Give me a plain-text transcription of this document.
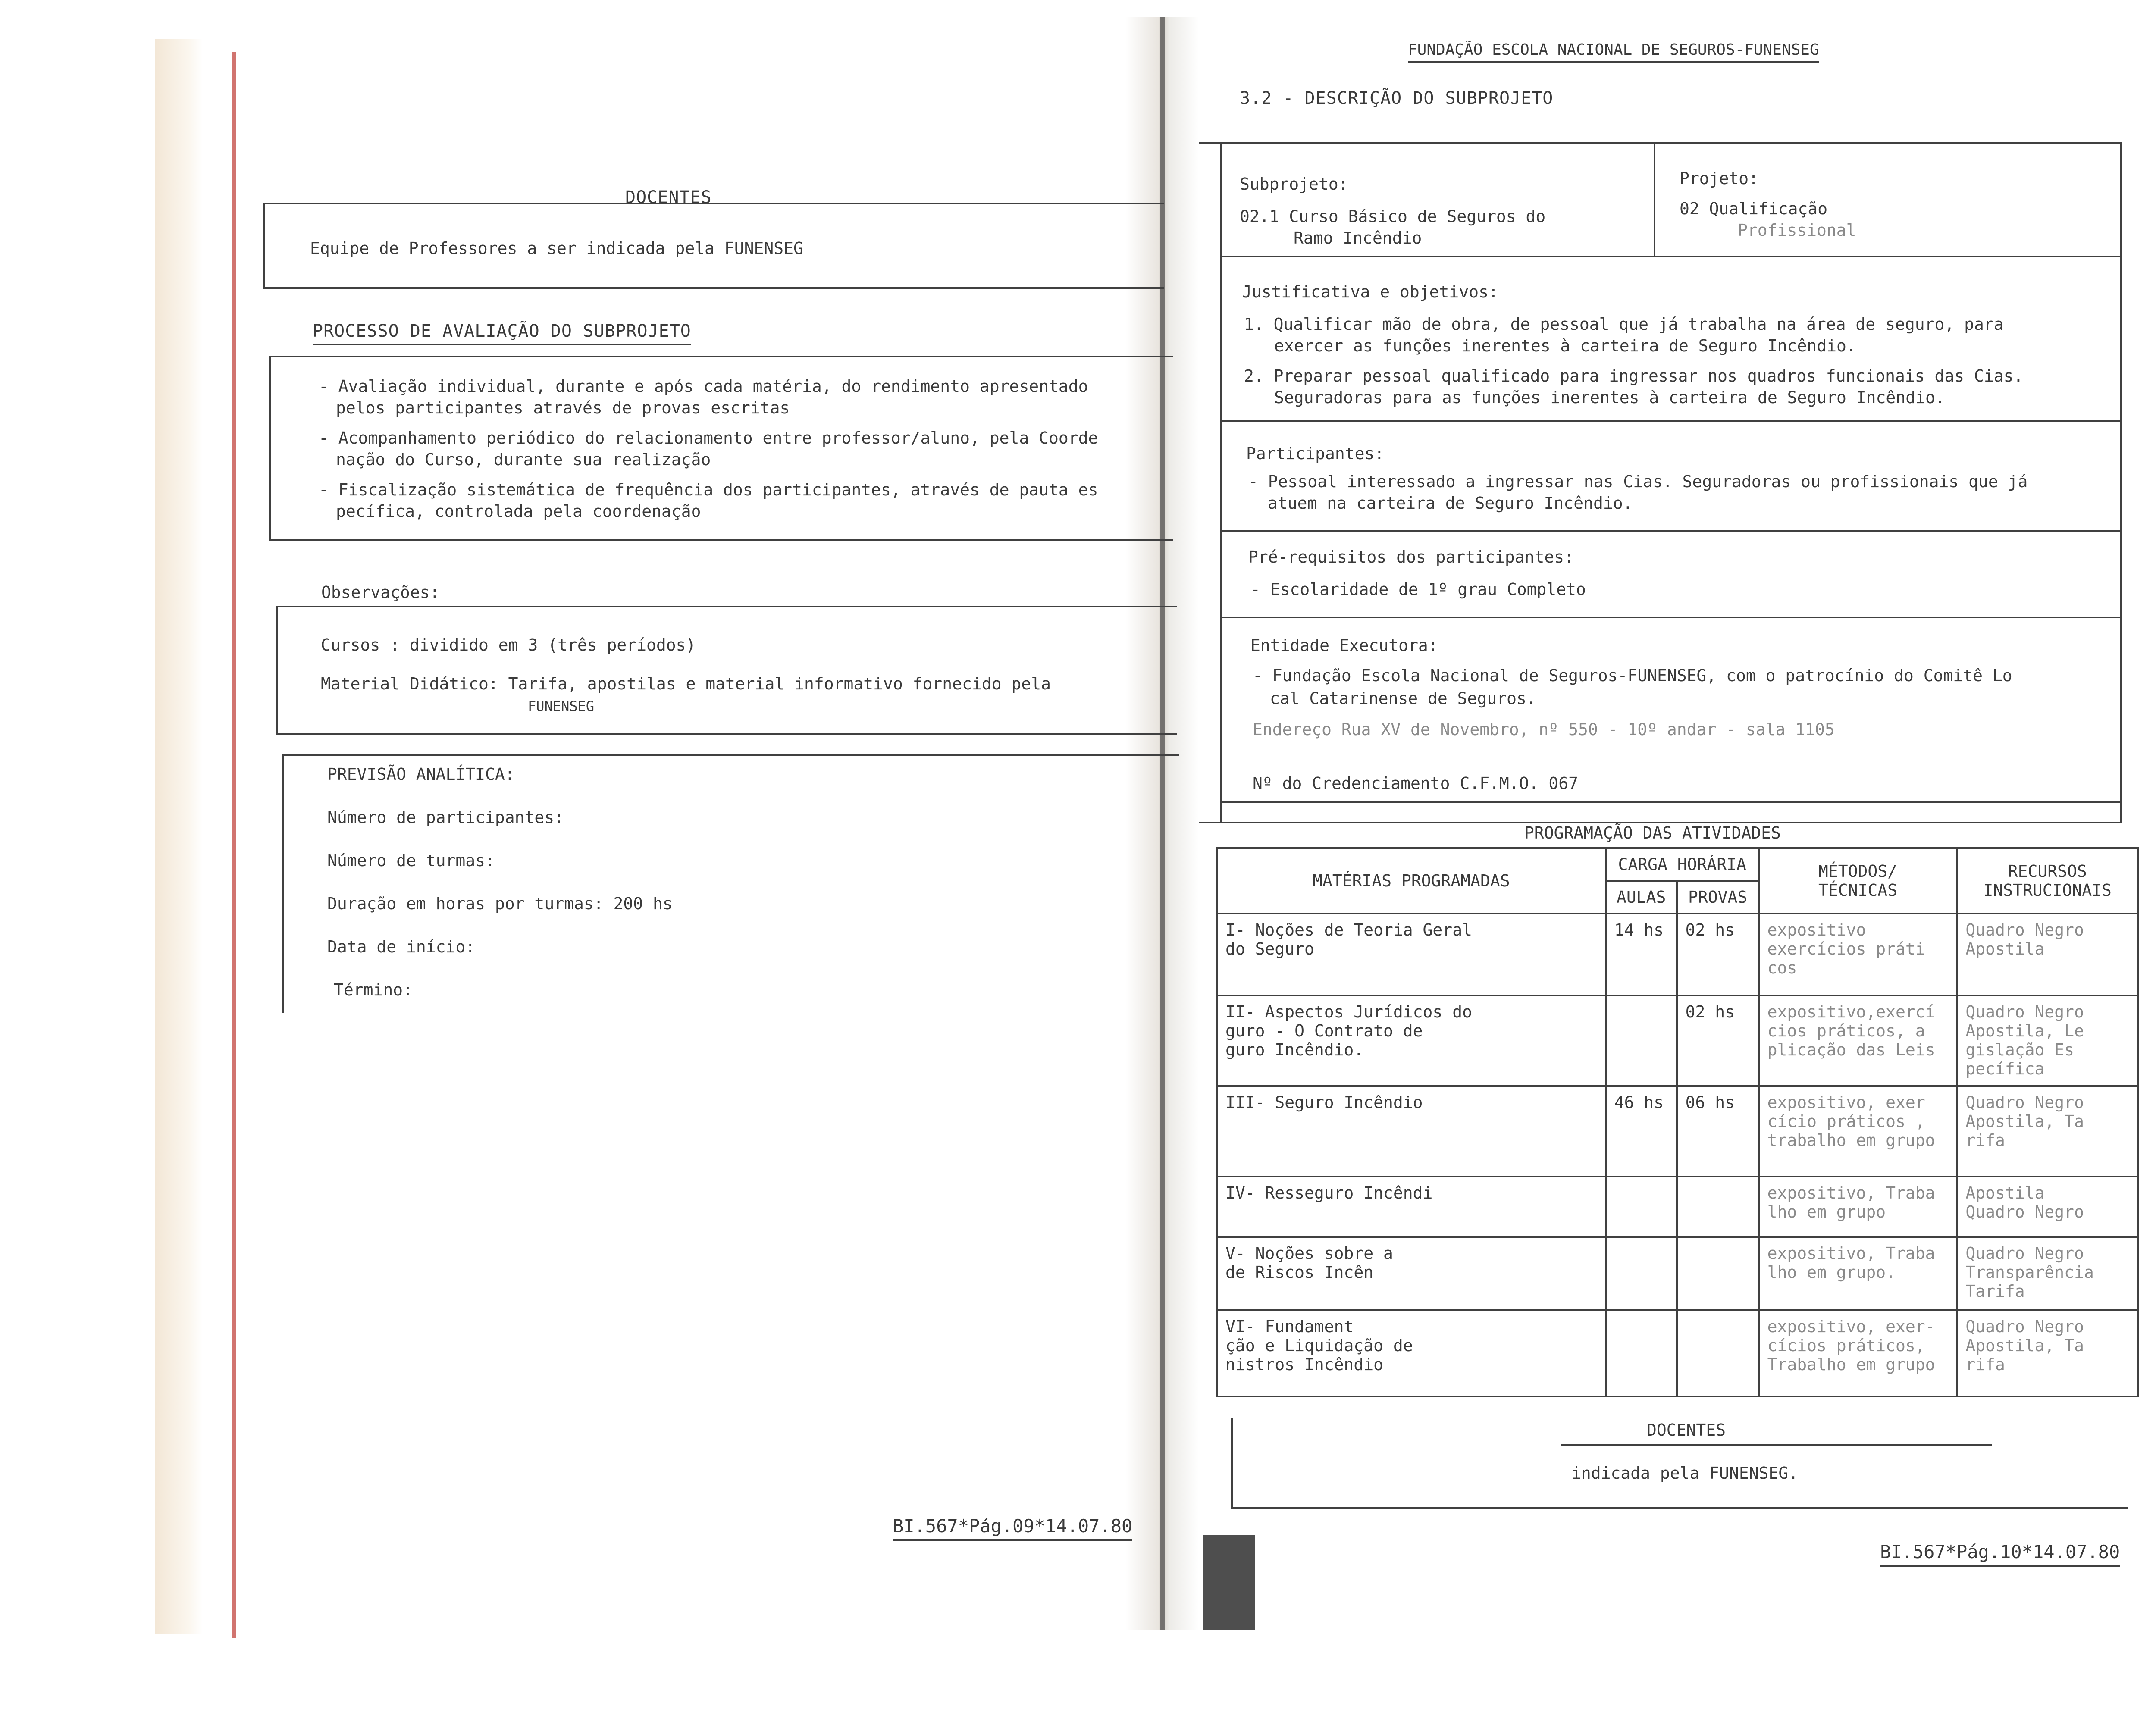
DOCENTES
Equipe de Professores a ser indicada pela FUNENSEG
PROCESSO DE AVALIAÇÃO DO SUBPROJETO
- Avaliação individual, durante e após cada matéria, do rendimento apresentado
pelos participantes através de provas escritas
- Acompanhamento periódico do relacionamento entre professor/aluno, pela Coorde
nação do Curso, durante sua realização
- Fiscalização sistemática de frequência dos participantes, através de pauta es
pecífica, controlada pela coordenação
Observações:
Cursos : dividido em 3 (três períodos)
Material Didático: Tarifa, apostilas e material informativo fornecido pela
FUNENSEG
PREVISÃO ANALÍTICA:
Número de participantes:
Número de turmas:
Duração em horas por turmas: 200 hs
Data de início:
Término:
BI.567*Pág.09*14.07.80
FUNDAÇÃO ESCOLA NACIONAL DE SEGUROS-FUNENSEG
3.2 - DESCRIÇÃO DO SUBPROJETO
Subprojeto:
02.1 Curso Básico de Seguros do
Ramo Incêndio
Projeto:
02 Qualificação
Profissional
Justificativa e objetivos:
1. Qualificar mão de obra, de pessoal que já trabalha na área de seguro, para
exercer as funções inerentes à carteira de Seguro Incêndio.
2. Preparar pessoal qualificado para ingressar nos quadros funcionais das Cias.
Seguradoras para as funções inerentes à carteira de Seguro Incêndio.
Participantes:
- Pessoal interessado a ingressar nas Cias. Seguradoras ou profissionais que já
atuem na carteira de Seguro Incêndio.
Pré-requisitos dos participantes:
- Escolaridade de 1º grau Completo
Entidade Executora:
- Fundação Escola Nacional de Seguros-FUNENSEG, com o patrocínio do Comitê Lo
cal Catarinense de Seguros.
Endereço Rua XV de Novembro, nº 550 - 10º andar - sala 1105
Nº do Credenciamento C.F.M.O. 067
PROGRAMAÇÃO DAS ATIVIDADES
MATÉRIAS PROGRAMADAS	CARGA HORÁRIA		MÉTODOS/
TÉCNICAS	RECURSOS
INSTRUCIONAIS
	AULAS	PROVAS		
I- Noções de Teoria Geral
do Seguro	14 hs	02 hs	expositivo
exercícios práti
cos	Quadro Negro
Apostila
II- Aspectos Jurídicos do
guro - O Contrato de
guro Incêndio.		02 hs	expositivo,exercí
cios práticos, a
plicação das Leis	Quadro Negro
Apostila, Le
gislação Es
pecífica
III- Seguro Incêndio	46 hs	06 hs	expositivo, exer
cício práticos ,
trabalho em grupo	Quadro Negro
Apostila, Ta
rifa
IV- Resseguro Incêndi			expositivo, Traba
lho em grupo	Apostila
Quadro Negro
V- Noções sobre a
de Riscos Incên			expositivo, Traba
lho em grupo.	Quadro Negro
Transparência
Tarifa
VI- Fundament
ção e Liquidação de
nistros Incêndio			expositivo, exer-
cícios práticos,
Trabalho em grupo	Quadro Negro
Apostila, Ta
rifa
DOCENTES
indicada pela FUNENSEG.
BI.567*Pág.10*14.07.80
